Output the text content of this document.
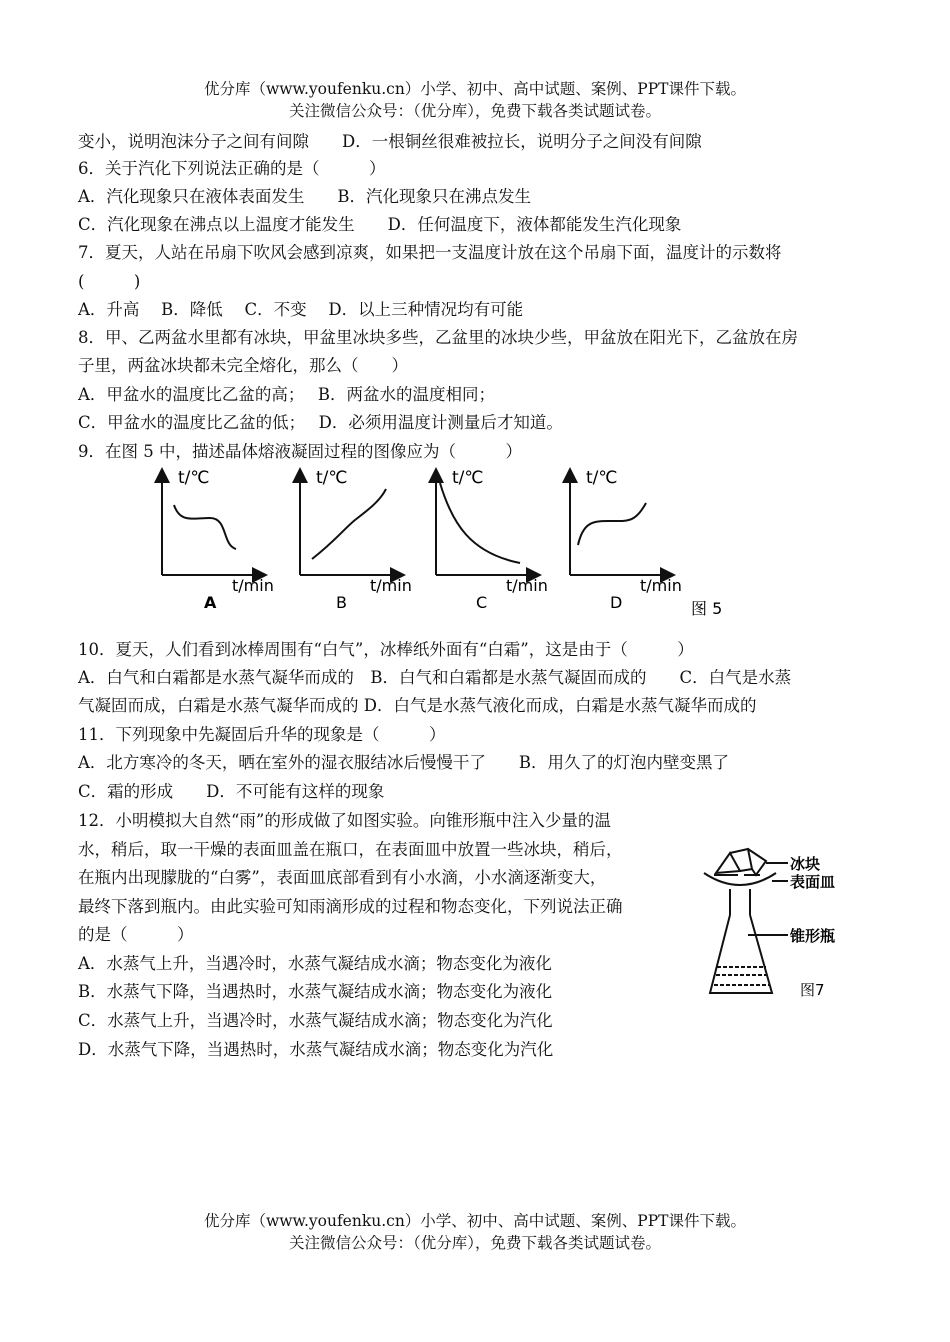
优分库（www.youfenku.cn）小学、初中、高中试题、案例、PPT课件下载。
关注微信公众号：（优分库），免费下载各类试题试卷。
变小，说明泡沫分子之间有间隙　　D．一根铜丝很难被拉长，说明分子之间没有间隙
6．关于汽化下列说法正确的是（　　　）
A．汽化现象只在液体表面发生　　B．汽化现象只在沸点发生
C．汽化现象在沸点以上温度才能发生　　D．任何温度下，液体都能发生汽化现象
7．夏天，人站在吊扇下吹风会感到凉爽，如果把一支温度计放在这个吊扇下面，温度计的示数将
(　　　)
A．升高　 B．降低　 C．不变　 D．以上三种情况均有可能
8．甲、乙两盆水里都有冰块，甲盆里冰块多些，乙盆里的冰块少些，甲盆放在阳光下，乙盆放在房
子里，两盆冰块都未完全熔化，那么（　　）
A．甲盆水的温度比乙盆的高；　 B．两盆水的温度相同；
C．甲盆水的温度比乙盆的低；　 D．必须用温度计测量后才知道。
9．在图 5 中，描述晶体熔液凝固过程的图像应为（　　　）
t/℃	t/℃	t/℃	t/℃
t/min	t/min	t/min	t/min
A	B	C	D	图 5
10．夏天，人们看到冰棒周围有“白气”，冰棒纸外面有“白霜”，这是由于（　　　）
A．白气和白霜都是水蒸气凝华而成的　B．白气和白霜都是水蒸气凝固而成的　　C．白气是水蒸
气凝固而成，白霜是水蒸气凝华而成的 D．白气是水蒸气液化而成，白霜是水蒸气凝华而成的
11．下列现象中先凝固后升华的现象是（　　　）
A．北方寒冷的冬天，晒在室外的湿衣服结冰后慢慢干了　　B．用久了的灯泡内壁变黑了
C．霜的形成　　D．不可能有这样的现象
12．小明模拟大自然“雨”的形成做了如图实验。向锥形瓶中注入少量的温
水，稍后，取一干燥的表面皿盖在瓶口，在表面皿中放置一些冰块，稍后，
在瓶内出现朦胧的“白雾”，表面皿底部看到有小水滴，小水滴逐渐变大，
最终下落到瓶内。由此实验可知雨滴形成的过程和物态变化，下列说法正确
的是（　　　）
A．水蒸气上升，当遇冷时，水蒸气凝结成水滴；物态变化为液化
B．水蒸气下降，当遇热时，水蒸气凝结成水滴；物态变化为液化
C．水蒸气上升，当遇冷时，水蒸气凝结成水滴；物态变化为汽化
D．水蒸气下降，当遇热时，水蒸气凝结成水滴；物态变化为汽化
冰块
表面皿
锥形瓶
图7
优分库（www.youfenku.cn）小学、初中、高中试题、案例、PPT课件下载。
关注微信公众号：（优分库），免费下载各类试题试卷。
